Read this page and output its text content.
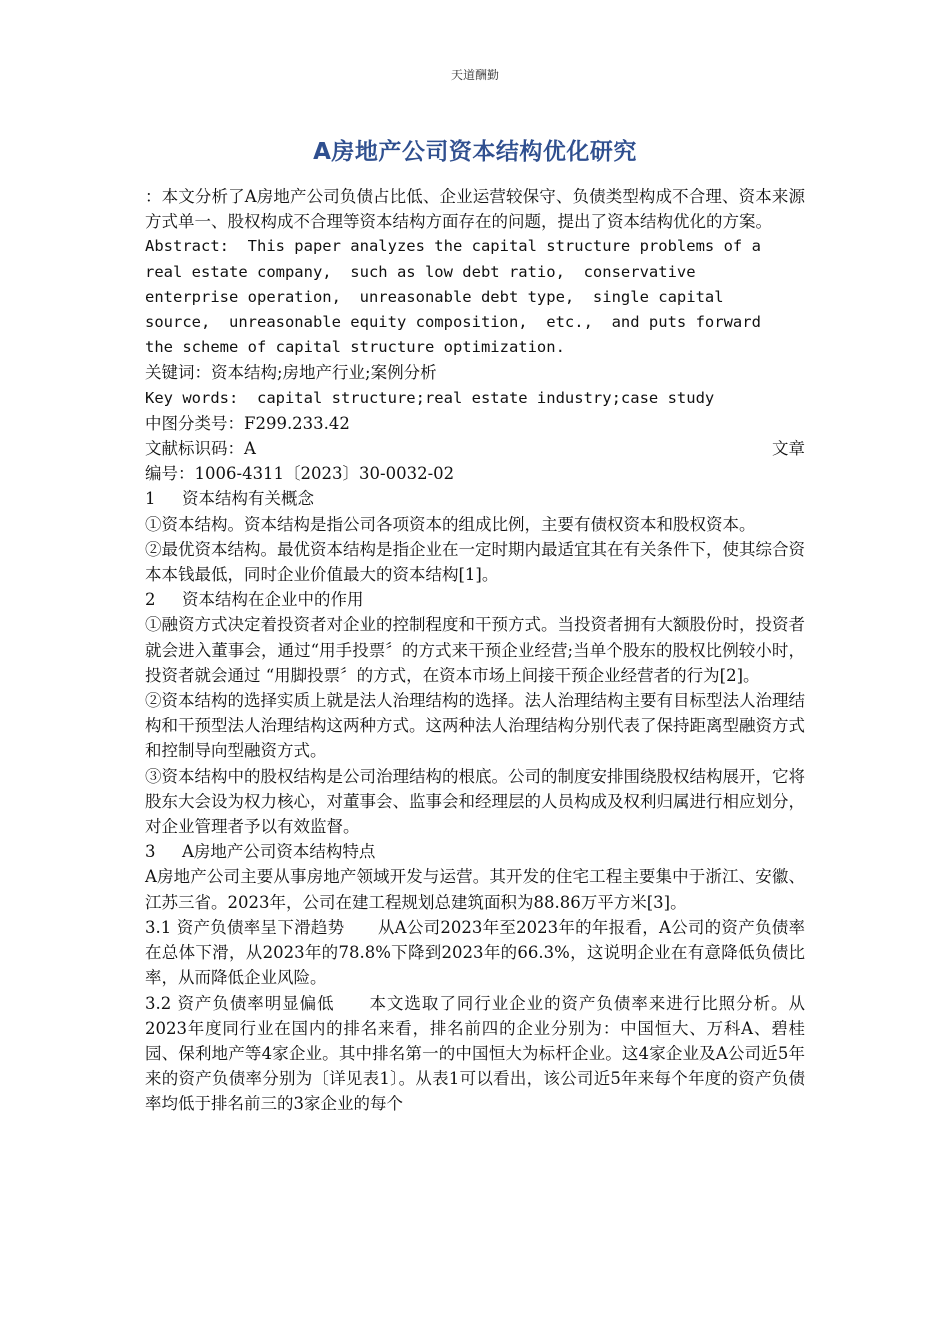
天道酬勤
A房地产公司资本结构优化研究

：本文分析了A房地产公司负债占比低、企业运营较保守、负债类型构成不合理、资本来源方式单一、股权构成不合理等资本结构方面存在的问题，提出了资本结构优化的方案。

Abstract:  This paper analyzes the capital structure problems of a
real estate company,  such as low debt ratio,  conservative
enterprise operation,  unreasonable debt type,  single capital
source,  unreasonable equity composition,  etc.,  and puts forward
the scheme of capital structure optimization.

关键词：资本结构;房地产行业;案例分析

Key words:  capital structure;real estate industry;case study

中图分类号：F299.233.42

文献标识码：A	文章

编号：1006-4311〔2023〕30-0032-02

1 资本结构有关概念

①资本结构。资本结构是指公司各项资本的组成比例，主要有债权资本和股权资本。

②最优资本结构。最优资本结构是指企业在一定时期内最适宜其在有关条件下，使其综合资本本钱最低，同时企业价值最大的资本结构[1]。

2 资本结构在企业中的作用

①融资方式决定着投资者对企业的控制程度和干预方式。当投资者拥有大额股份时，投资者就会进入董事会，通过“用手投票〞的方式来干预企业经营;当单个股东的股权比例较小时，投资者就会通过 “用脚投票〞的方式，在资本市场上间接干预企业经营者的行为[2]。

②资本结构的选择实质上就是法人治理结构的选择。法人治理结构主要有目标型法人治理结构和干预型法人治理结构这两种方式。这两种法人治理结构分别代表了保持距离型融资方式和控制导向型融资方式。

③资本结构中的股权结构是公司治理结构的根底。公司的制度安排围绕股权结构展开，它将股东大会设为权力核心，对董事会、监事会和经理层的人员构成及权利归属进行相应划分，对企业管理者予以有效监督。

3 A房地产公司资本结构特点

A房地产公司主要从事房地产领域开发与运营。其开发的住宅工程主要集中于浙江、安徽、江苏三省。2023年，公司在建工程规划总建筑面积为88.86万平方米[3]。

3.1 资产负债率呈下滑趋势　　从A公司2023年至2023年的年报看，A公司的资产负债率在总体下滑，从2023年的78.8%下降到2023年的66.3%，这说明企业在有意降低负债比率，从而降低企业风险。

3.2 资产负债率明显偏低　　本文选取了同行业企业的资产负债率来进行比照分析。从2023年度同行业在国内的排名来看，排名前四的企业分别为：中国恒大、万科A、碧桂园、保利地产等4家企业。其中排名第一的中国恒大为标杆企业。这4家企业及A公司近5年来的资产负债率分别为〔详见表1〕。从表1可以看出，该公司近5年来每个年度的资产负债率均低于排名前三的3家企业的每个
